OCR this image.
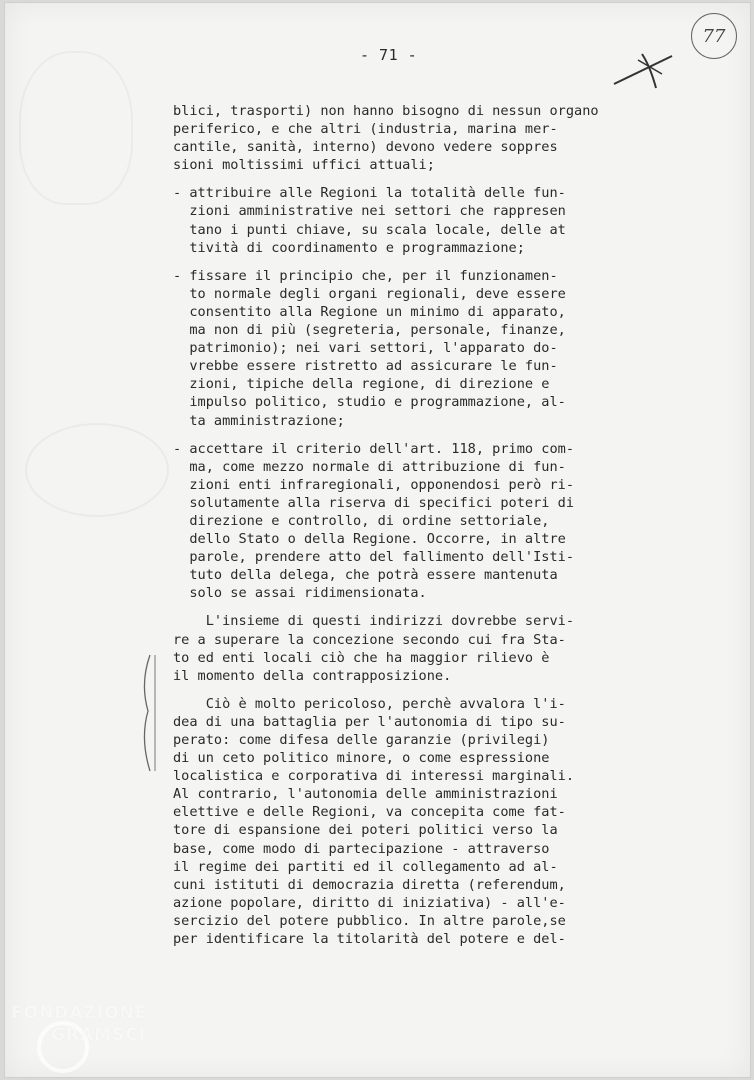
- 71 -
77
blici, trasporti) non hanno bisogno di nessun organo
periferico, e che altri (industria, marina mer-
cantile, sanità, interno) devono vedere soppres
sioni moltissimi uffici attuali;
- attribuire alle Regioni la totalità delle fun-
zioni amministrative nei settori che rappresen
tano i punti chiave, su scala locale, delle at
tività di coordinamento e programmazione;
- fissare il principio che, per il funzionamen-
to normale degli organi regionali, deve essere
consentito alla Regione un minimo di apparato,
ma non di più (segreteria, personale, finanze,
patrimonio); nei vari settori, l'apparato do-
vrebbe essere ristretto ad assicurare le fun-
zioni, tipiche della regione, di direzione e
impulso politico, studio e programmazione, al-
ta amministrazione;
- accettare il criterio dell'art. 118, primo com-
ma, come mezzo normale di attribuzione di fun-
zioni enti infraregionali, opponendosi però ri-
solutamente alla riserva di specifici poteri di
direzione e controllo, di ordine settoriale,
dello Stato o della Regione. Occorre, in altre
parole, prendere atto del fallimento dell'Isti-
tuto della delega, che potrà essere mantenuta
solo se assai ridimensionata.
L'insieme di questi indirizzi dovrebbe servi-
re a superare la concezione secondo cui fra Sta-
to ed enti locali ciò che ha maggior rilievo è
il momento della contrapposizione.
Ciò è molto pericoloso, perchè avvalora l'i-
dea di una battaglia per l'autonomia di tipo su-
perato: come difesa delle garanzie (privilegi)
di un ceto politico minore, o come espressione
localistica e corporativa di interessi marginali.
Al contrario, l'autonomia delle amministrazioni
elettive e delle Regioni, va concepita come fat-
tore di espansione dei poteri politici verso la
base, come modo di partecipazione - attraverso
il regime dei partiti ed il collegamento ad al-
cuni istituti di democrazia diretta (referendum,
azione popolare, diritto di iniziativa) - all'e-
sercizio del potere pubblico. In altre parole,se
per identificare la titolarità del potere e del-
FONDAZIONE
GRAMSCI
